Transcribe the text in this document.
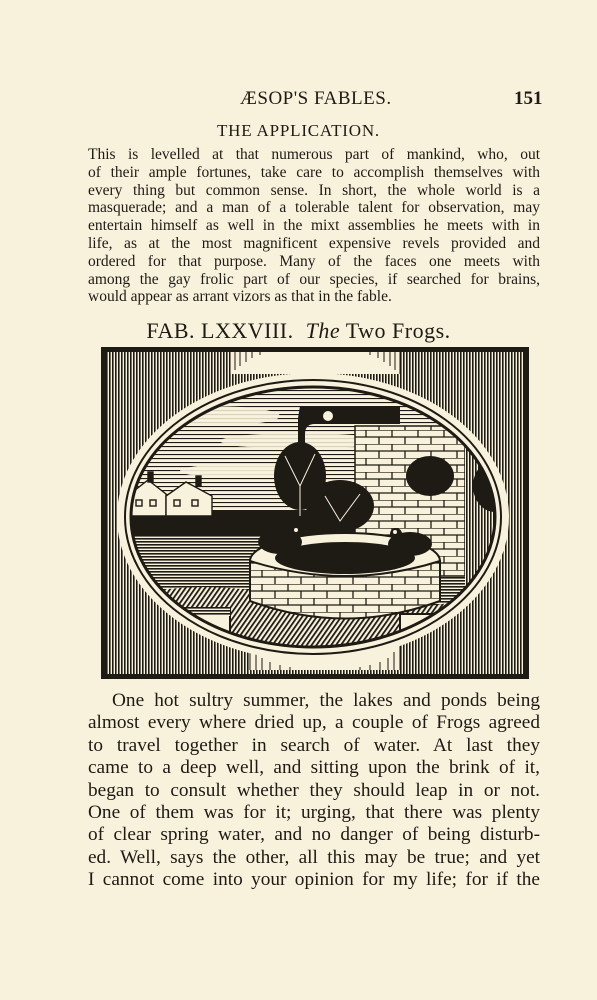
ÆSOP'S FABLES.	151
THE APPLICATION.

This is levelled at that numerous part of mankind, who, out
of their ample fortunes, take care to accomplish themselves with
every thing but common sense. In short, the whole world is a
masquerade; and a man of a tolerable talent for observation, may
entertain himself as well in the mixt assemblies he meets with in
life, as at the most magnificent expensive revels provided and
ordered for that purpose. Many of the faces one meets with
among the gay frolic part of our species, if searched for brains,
would appear as arrant vizors as that in the fable.

FAB. LXXVIII. The Two Frogs.

One hot sultry summer, the lakes and ponds being
almost every where dried up, a couple of Frogs agreed
to travel together in search of water. At last they
came to a deep well, and sitting upon the brink of it,
began to consult whether they should leap in or not.
One of them was for it; urging, that there was plenty
of clear spring water, and no danger of being disturb-
ed. Well, says the other, all this may be true; and yet
I cannot come into your opinion for my life; for if the
